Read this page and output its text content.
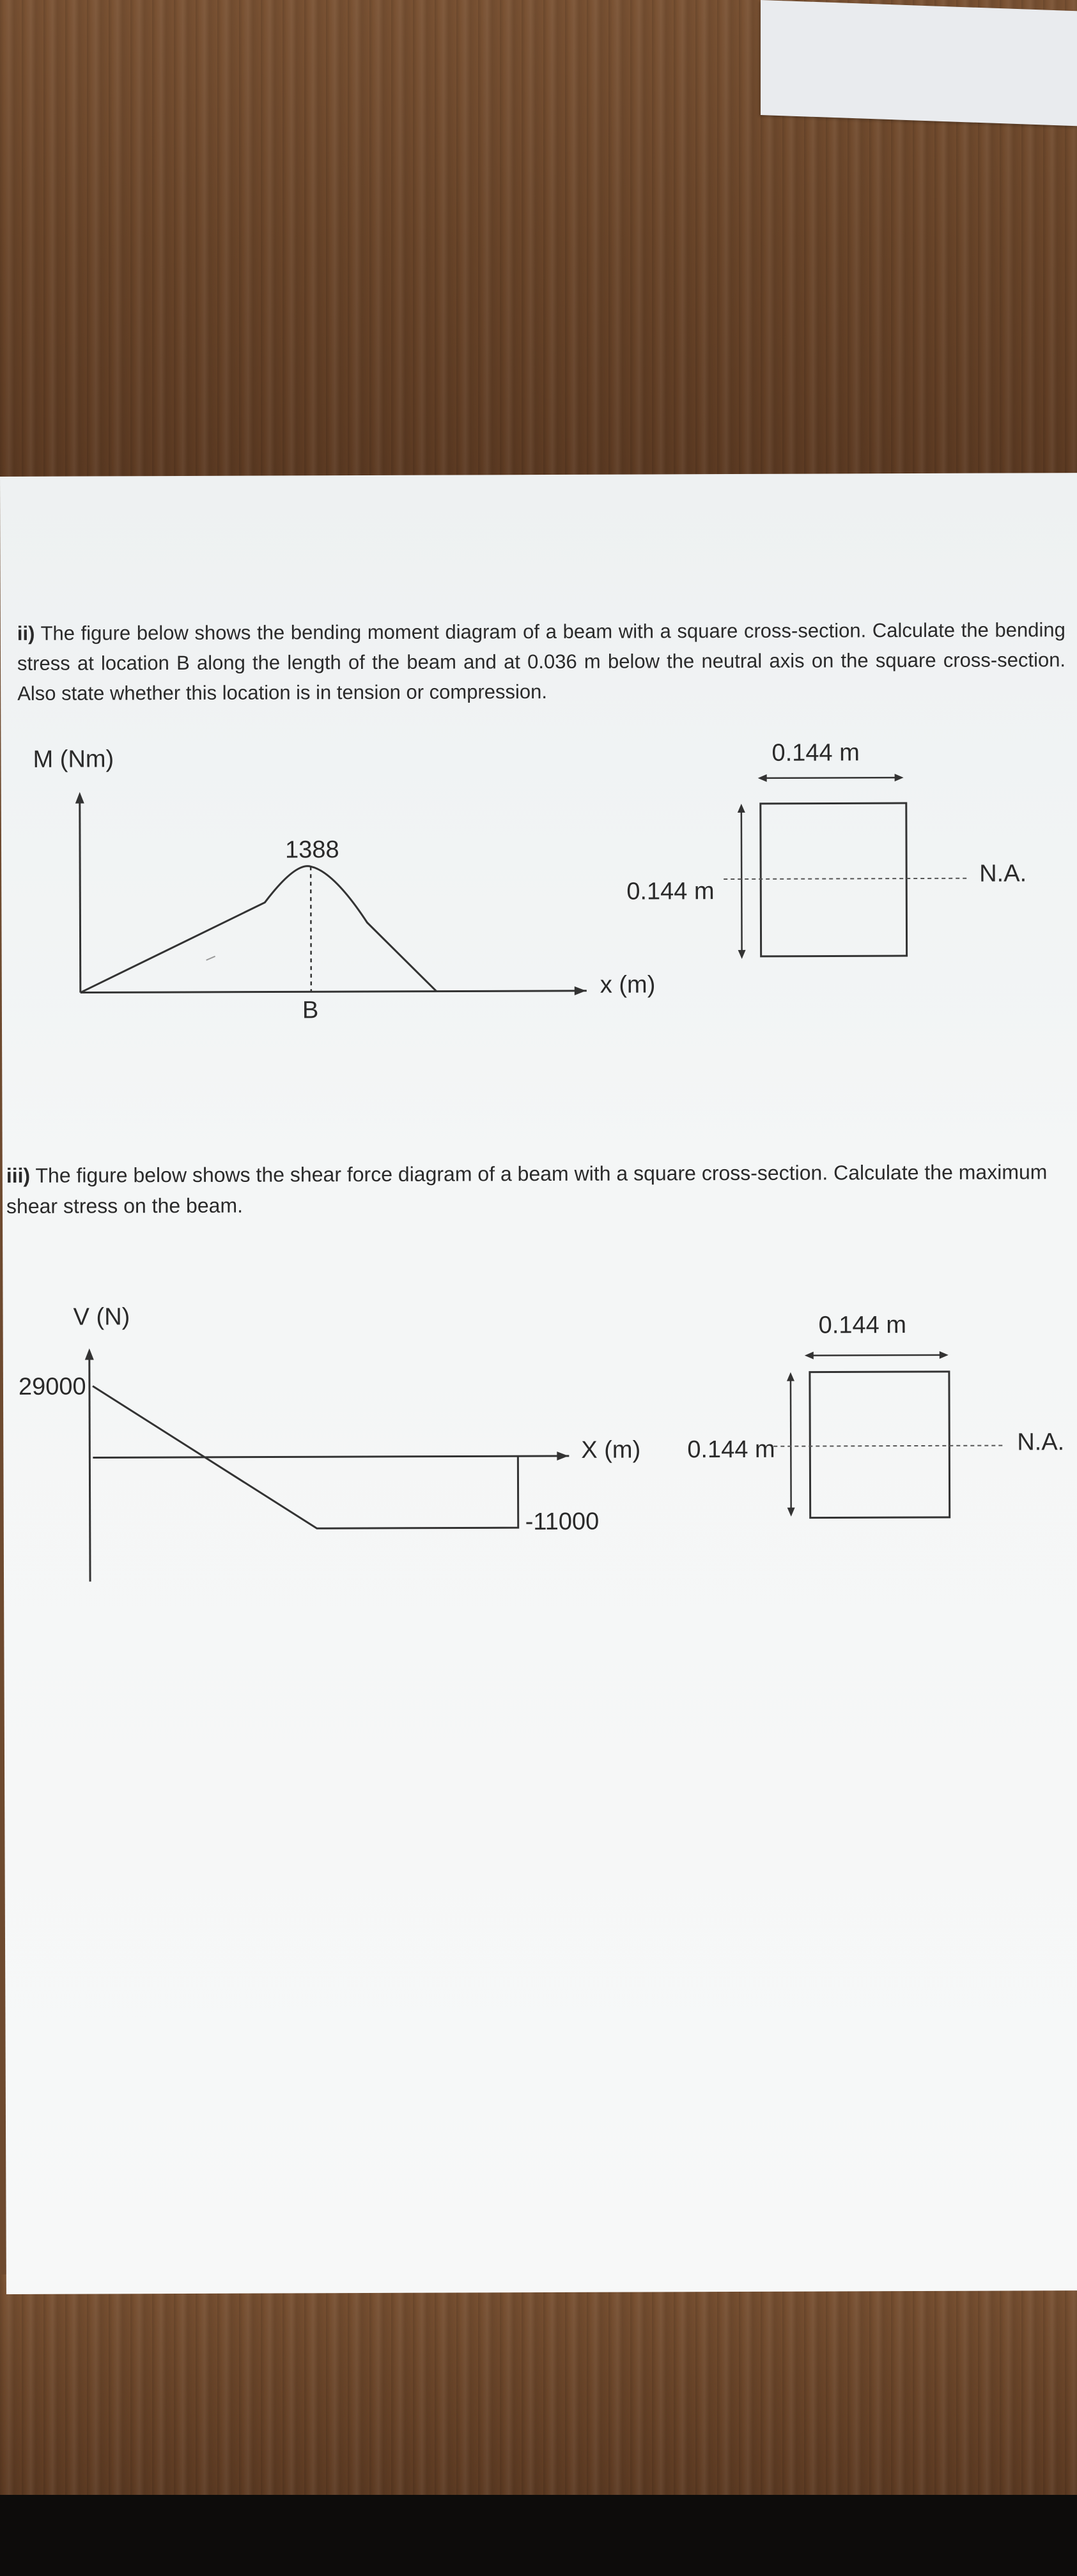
ii) The figure below shows the bending moment diagram of a beam with a square cross-section. Calculate the bending stress at location B along the length of the beam and at 0.036 m below the neutral axis on the square cross-section. Also state whether this location is in tension or compression.
M (Nm)
1388
B
x (m)
0.144 m
0.144 m
N.A.
iii) The figure below shows the shear force diagram of a beam with a square cross-section. Calculate the maximum shear stress on the beam.
V (N)
29000
X (m)
-11000
0.144 m
0.144 m	N.A.
